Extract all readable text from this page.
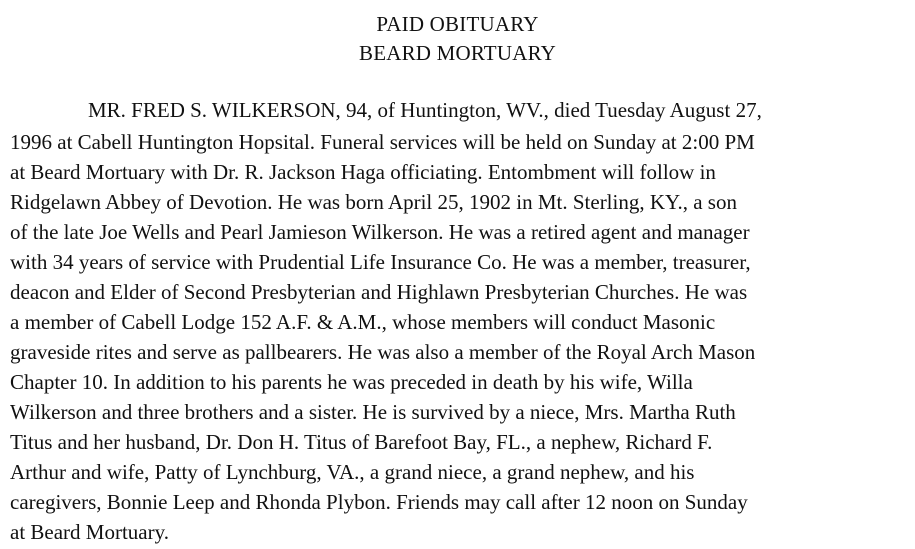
PAID OBITUARY
BEARD MORTUARY
MR. FRED S. WILKERSON, 94, of Huntington, WV., died Tuesday August 27,
1996 at Cabell Huntington Hopsital. Funeral services will be held on Sunday at 2:00 PM
at Beard Mortuary with Dr. R. Jackson Haga officiating. Entombment will follow in
Ridgelawn Abbey of Devotion. He was born April 25, 1902 in Mt. Sterling, KY., a son
of the late Joe Wells and Pearl Jamieson Wilkerson. He was a retired agent and manager
with 34 years of service with Prudential Life Insurance Co. He was a member, treasurer,
deacon and Elder of Second Presbyterian and Highlawn Presbyterian Churches. He was
a member of Cabell Lodge 152 A.F. & A.M., whose members will conduct Masonic
graveside rites and serve as pallbearers. He was also a member of the Royal Arch Mason
Chapter 10. In addition to his parents he was preceded in death by his wife, Willa
Wilkerson and three brothers and a sister. He is survived by a niece, Mrs. Martha Ruth
Titus and her husband, Dr. Don H. Titus of Barefoot Bay, FL., a nephew, Richard F.
Arthur and wife, Patty of Lynchburg, VA., a grand niece, a grand nephew, and his
caregivers, Bonnie Leep and Rhonda Plybon. Friends may call after 12 noon on Sunday
at Beard Mortuary.
